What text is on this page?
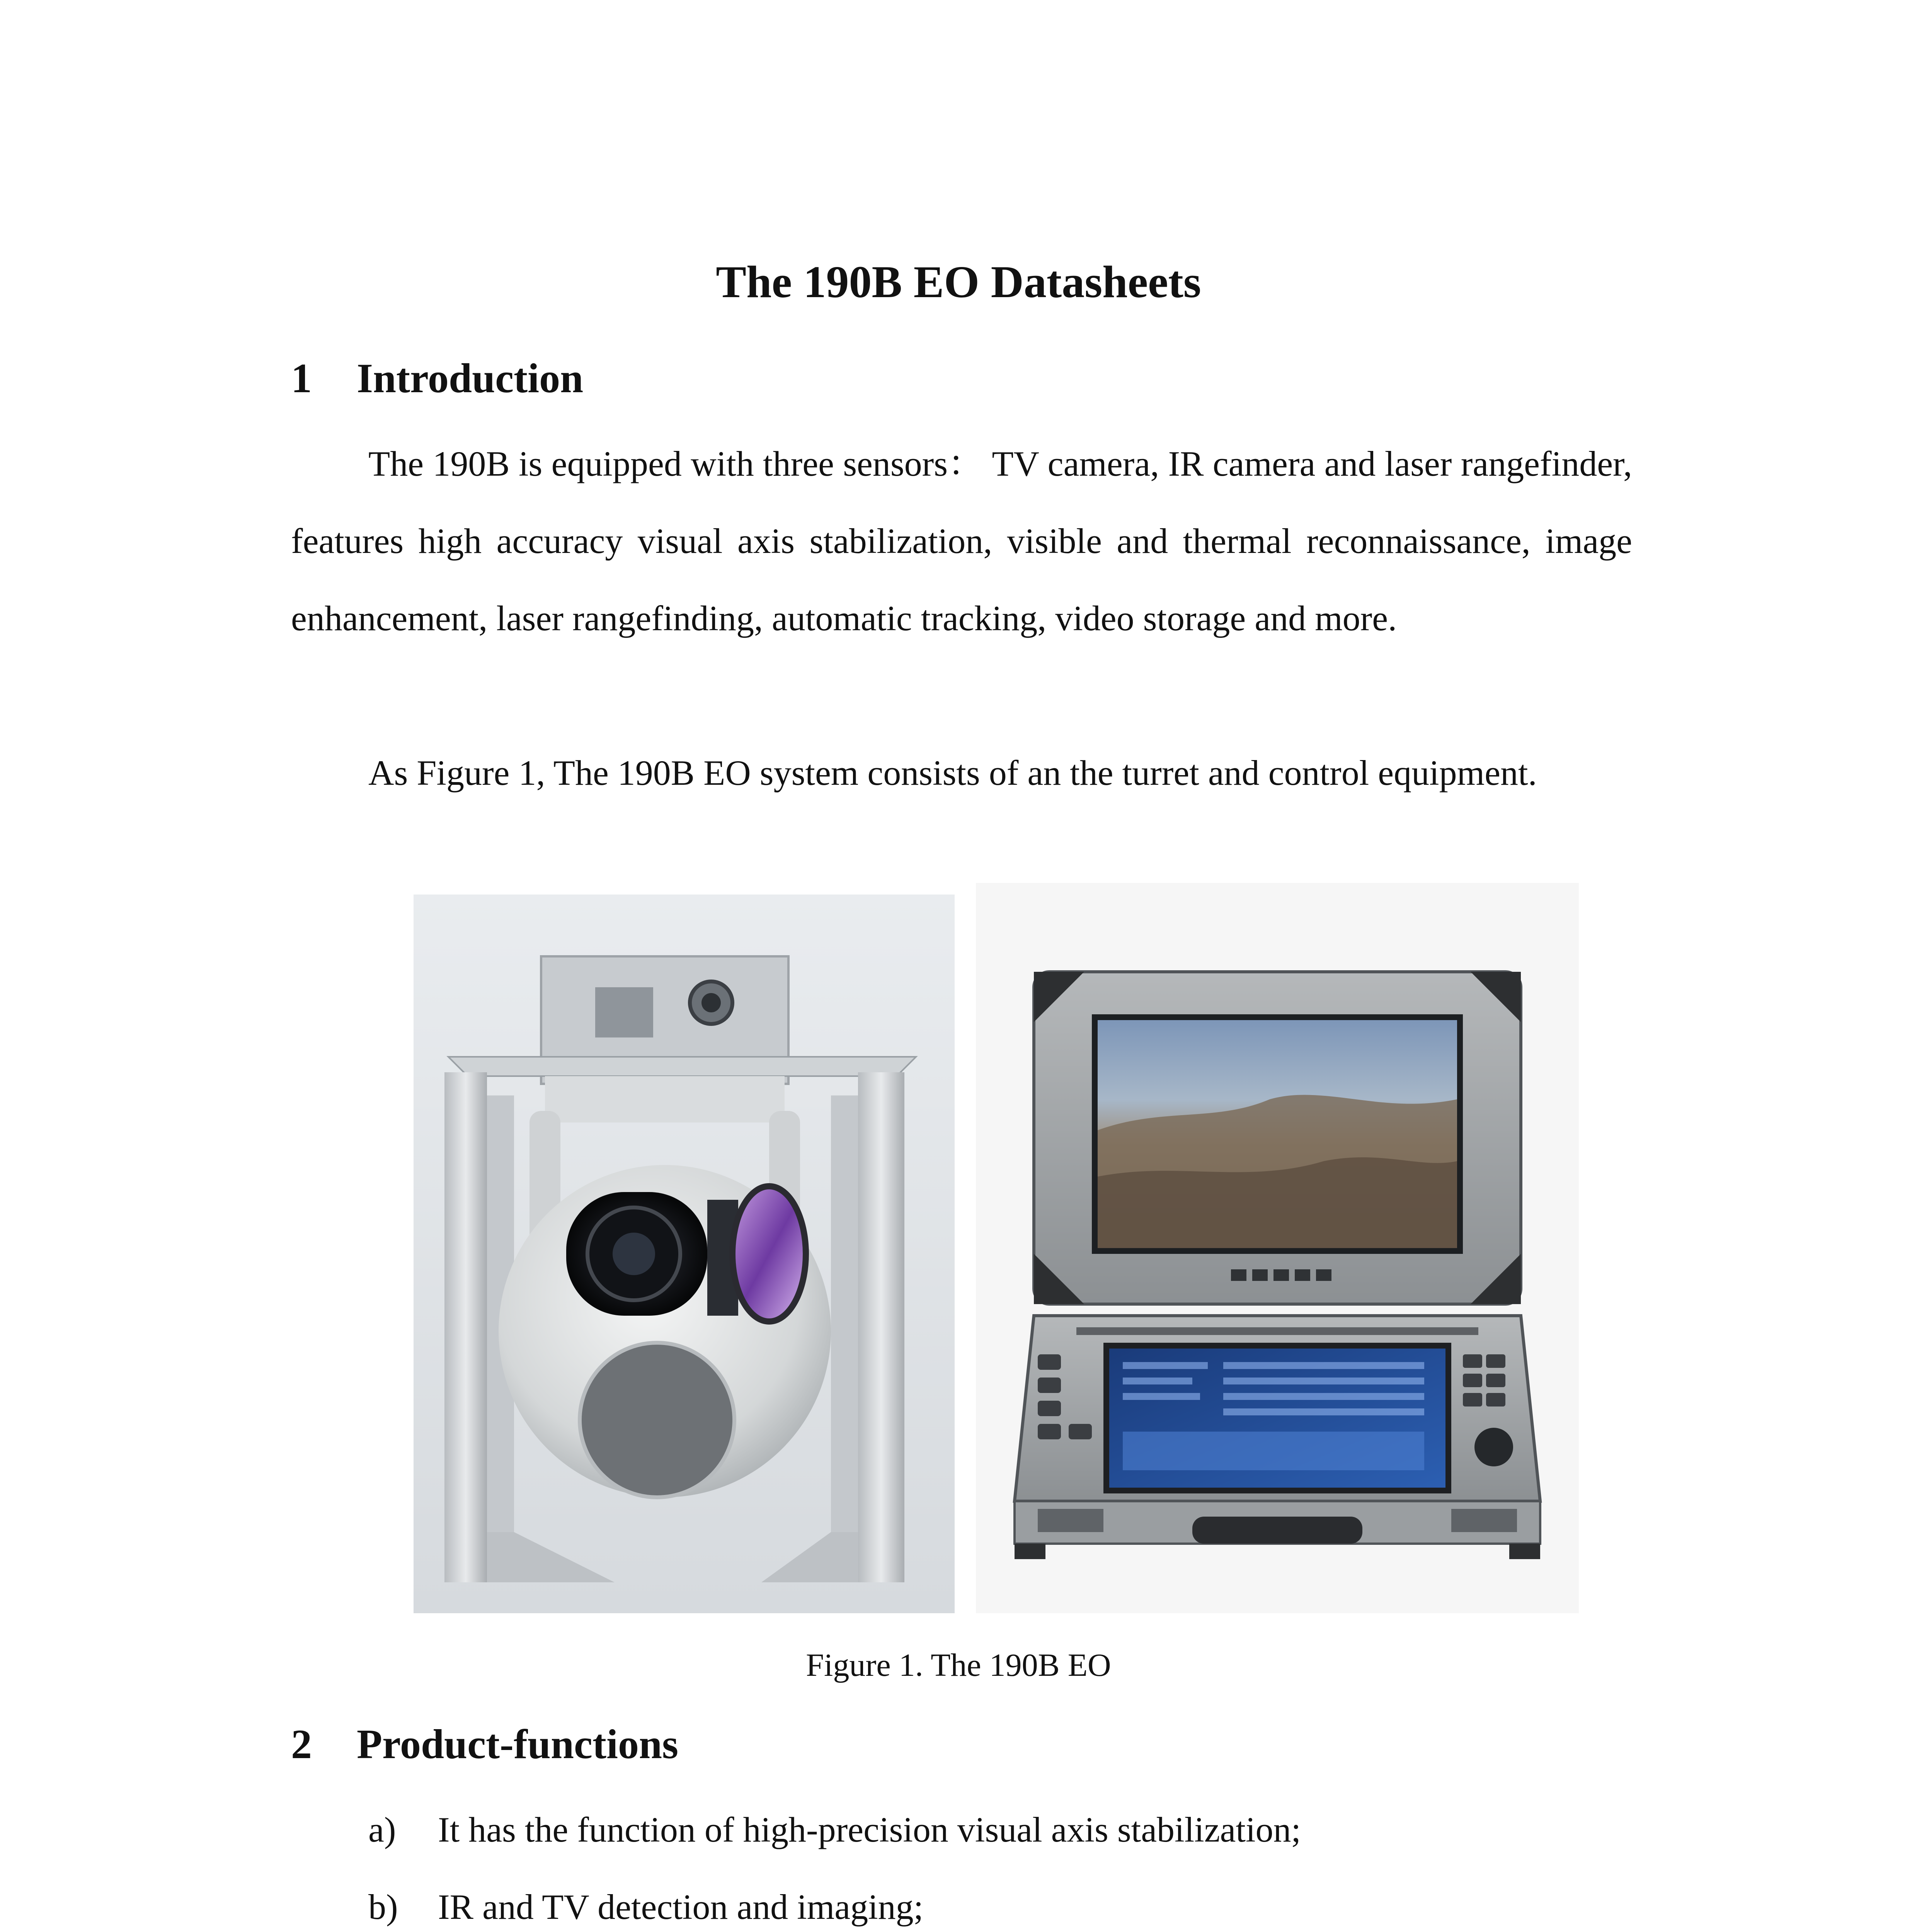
The 190B EO Datasheets
1 Introduction
The 190B is equipped with three sensors： TV camera, IR camera and laser rangefinder, features high accuracy visual axis stabilization, visible and thermal reconnaissance, image enhancement, laser rangefinding, automatic tracking, video storage and more.
As Figure 1, The 190B EO system consists of an the turret and control equipment.
Figure 1. The 190B EO
2 Product-functions
a)	It has the function of high-precision visual axis stabilization;
b)	IR and TV detection and imaging;
